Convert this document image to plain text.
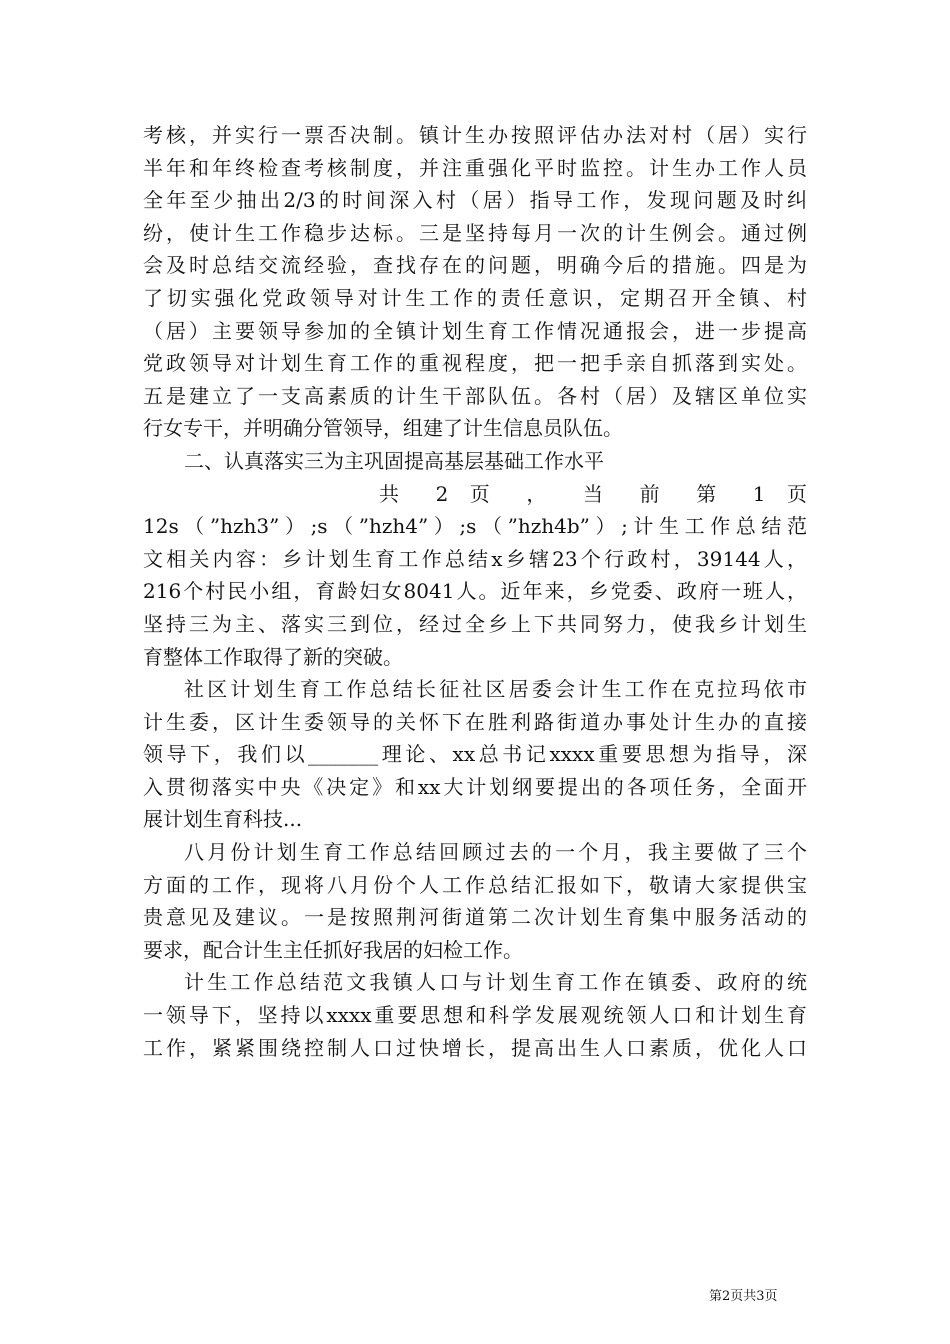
考核，并实行一票否决制。镇计生办按照评估办法对村（居）实行
半年和年终检查考核制度，并注重强化平时监控。计生办工作人员
全年至少抽出2/3的时间深入村（居）指导工作，发现问题及时纠
纷，使计生工作稳步达标。三是坚持每月一次的计生例会。通过例
会及时总结交流经验，查找存在的问题，明确今后的措施。四是为
了切实强化党政领导对计生工作的责任意识，定期召开全镇、村
（居）主要领导参加的全镇计划生育工作情况通报会，进一步提高
党政领导对计划生育工作的重视程度，把一把手亲自抓落到实处。
五是建立了一支高素质的计生干部队伍。各村（居）及辖区单位实
行女专干，并明确分管领导，组建了计生信息员队伍。
二、认真落实三为主巩固提高基层基础工作水平
共 2 页 ， 当 前 第 1 页
12s（”hzh3”）;s（”hzh4”）;s（”hzh4b”）;计生工作总结范
文相关内容：乡计划生育工作总结x乡辖23个行政村，39144人，
216个村民小组，育龄妇女8041人。近年来，乡党委、政府一班人，
坚持三为主、落实三到位，经过全乡上下共同努力，使我乡计划生
育整体工作取得了新的突破。
社区计划生育工作总结长征社区居委会计生工作在克拉玛依市
计生委，区计生委领导的关怀下在胜利路街道办事处计生办的直接
领导下，我们以_______理论、xx总书记xxxx重要思想为指导，深
入贯彻落实中央《决定》和xx大计划纲要提出的各项任务，全面开
展计划生育科技...
八月份计划生育工作总结回顾过去的一个月，我主要做了三个
方面的工作，现将八月份个人工作总结汇报如下，敬请大家提供宝
贵意见及建议。一是按照荆河街道第二次计划生育集中服务活动的
要求，配合计生主任抓好我居的妇检工作。
计生工作总结范文我镇人口与计划生育工作在镇委、政府的统
一领导下，坚持以xxxx重要思想和科学发展观统领人口和计划生育
工作，紧紧围绕控制人口过快增长，提高出生人口素质，优化人口
第2页共3页
